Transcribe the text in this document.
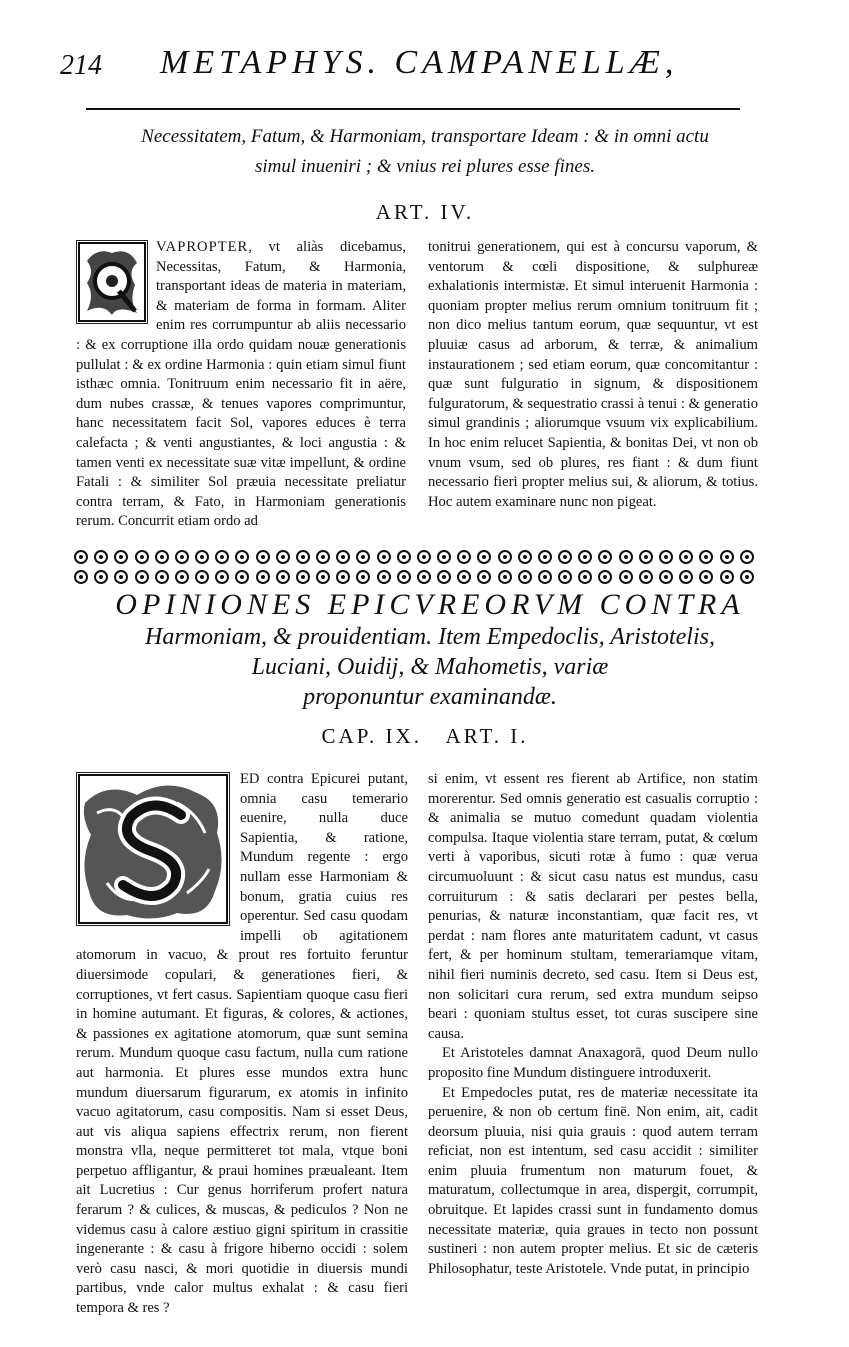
214 METAPHYS. CAMPANELLÆ,
Necessitatem, Fatum, & Harmoniam, transportare Ideam : & in omni actu
simul inueniri ; & vnius rei plures esse fines.
ART. IV.

VAPROPTER, vt aliàs dicebamus, Necessitas, Fatum, & Harmonia, transportant ideas de materia in materiam, & materiam de forma in formam. Aliter enim res corrumpuntur ab aliis necessario : & ex corruptione illa ordo quidam nouæ generationis pullulat : & ex ordine Harmonia : quin etiam simul fiunt isthæc omnia. Tonitruum enim necessario fit in aëre, dum nubes crassæ, & tenues vapores comprimuntur, hanc necessitatem facit Sol, vapores educes è terra calefacta ; & venti angustiantes, & loci angustia : & tamen venti ex necessitate suæ vitæ impellunt, & ordine Fatali : & similiter Sol præuia necessitate preliatur contra terram, & Fato, in Harmoniam generationis rerum. Concurrit etiam ordo ad

tonitrui generationem, qui est à concursu vaporum, & ventorum & cœli dispositione, & sulphureæ exhalationis intermistæ. Et simul interuenit Harmonia : quoniam propter melius rerum omnium tonitruum fit ; non dico melius tantum eorum, quæ sequuntur, vt est pluuiæ casus ad arborum, & terræ, & animalium instaurationem ; sed etiam eorum, quæ concomitantur : quæ sunt fulguratio in signum, & dispositionem fulguratorum, & sequestratio crassi à tenui : & generatio simul grandinis ; aliorumque vsuum vix explicabilium. In hoc enim relucet Sapientia, & bonitas Dei, vt non ob vnum vsum, sed ob plures, res fiant : & dum fiunt necessario fieri propter melius sui, & aliorum, & totius. Hoc autem examinare nunc non pigeat.

OPINIONES EPICVREORVM CONTRA
Harmoniam, & prouidentiam. Item Empedoclis, Aristotelis,
Luciani, Ouidij, & Mahometis, variæ
proponuntur examinandæ.
CAP. IX.   ART. I.

ED contra Epicurei putant, omnia casu temerario euenire, nulla duce Sapientia, & ratione, Mundum regente : ergo nullam esse Harmoniam & bonum, gratia cuius res operentur. Sed casu quodam impelli ob agitationem atomorum in vacuo, & prout res fortuito feruntur diuersimode copulari, & generationes fieri, & corruptiones, vt fert casus. Sapientiam quoque casu fieri in homine autumant. Et figuras, & colores, & actiones, & passiones ex agitatione atomorum, quæ sunt semina rerum. Mundum quoque casu factum, nulla cum ratione aut harmonia. Et plures esse mundos extra hunc mundum diuersarum figurarum, ex atomis in infinito vacuo agitatorum, casu compositis. Nam si esset Deus, aut vis aliqua sapiens effectrix rerum, non fierent monstra vlla, neque permitteret tot mala, vtque boni perpetuo affligantur, & praui homines præualeant. Item ait Lucretius : Cur genus horriferum profert natura ferarum ? & culices, & muscas, & pediculos ? Non ne videmus casu à calore æstiuo gigni spiritum in crassitie ingenerante : & casu à frigore hiberno occidi : solem verò casu nasci, & mori quotidie in diuersis mundi partibus, vnde calor multus exhalat : & casu fieri tempora & res ?

si enim, vt essent res fierent ab Artifice, non statim morerentur. Sed omnis generatio est casualis corruptio : & animalia se mutuo comedunt quadam violentia compulsa. Itaque violentia stare terram, putat, & cœlum verti à vaporibus, sicuti rotæ à fumo : quæ verua circumuoluunt : & sicut casu natus est mundus, casu corruiturum : & satis declarari per pestes bella, penurias, & naturæ inconstantiam, quæ facit res, vt perdat : nam flores ante maturitatem cadunt, vt casus fert, & per hominum stultam, temerariamque vitam, nihil fieri numinis decreto, sed casu. Item si Deus est, non solicitari cura rerum, sed extra mundum seipso beari : quoniam stultus esset, tot curas suscipere sine causa.

Et Aristoteles damnat Anaxagorā, quod Deum nullo proposito fine Mundum distinguere introduxerit.

Et Empedocles putat, res de materiæ necessitate ita peruenire, & non ob certum finē. Non enim, ait, cadit deorsum pluuia, nisi quia grauis : quod autem terram reficiat, non est intentum, sed casu accidit : similiter enim pluuia frumentum non maturum fouet, & maturatum, collectumque in area, dispergit, corrumpit, obruitque. Et lapides crassi sunt in fundamento domus necessitate materiæ, quia graues in tecto non possunt sustineri : non autem propter melius. Et sic de cæteris Philosophatur, teste Aristotele. Vnde putat, in principio
